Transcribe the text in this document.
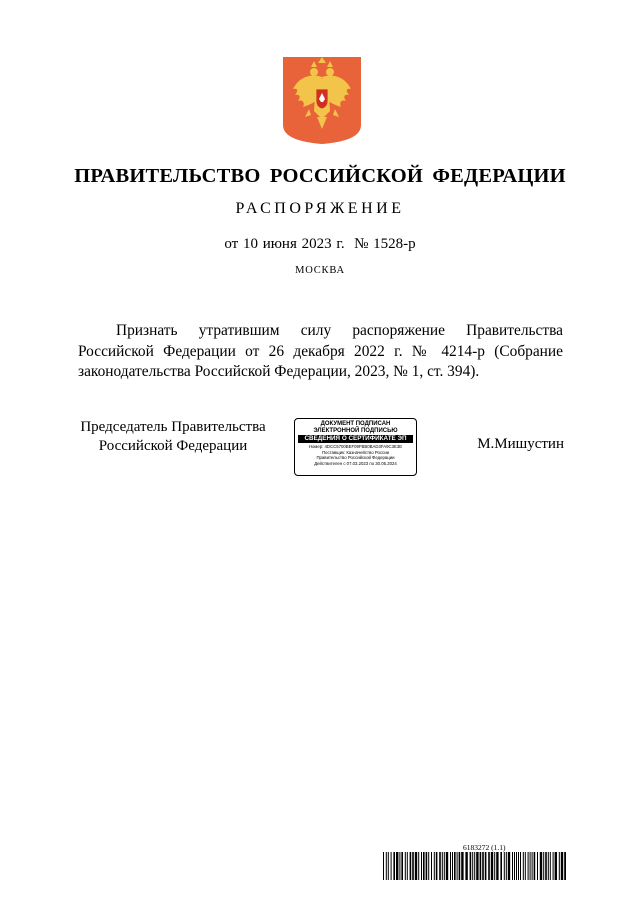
ПРАВИТЕЛЬСТВО РОССИЙСКОЙ ФЕДЕРАЦИИ
РАСПОРЯЖЕНИЕ
от 10 июня 2023 г.  № 1528-р
МОСКВА
Признать утратившим силу распоряжение Правительства Российской Федерации от 26 декабря 2022 г. № 4214-р (Собрание законодательства Российской Федерации, 2023, № 1, ст. 394).
Председатель Правительства
Российской Федерации
ДОКУМЕНТ ПОДПИСАН
ЭЛЕКТРОННОЙ ПОДПИСЬЮ
СВЕДЕНИЯ О СЕРТИФИКАТЕ ЭП
Номер: 4DCC5700BEF09FBB0BAD3FA9C3E3E
Поставщик: Казначейство России
Правительство Российской Федерации
Действителен с 07.03.2023 по 30.05.2024
М.Мишустин
6183272 (1.1)
